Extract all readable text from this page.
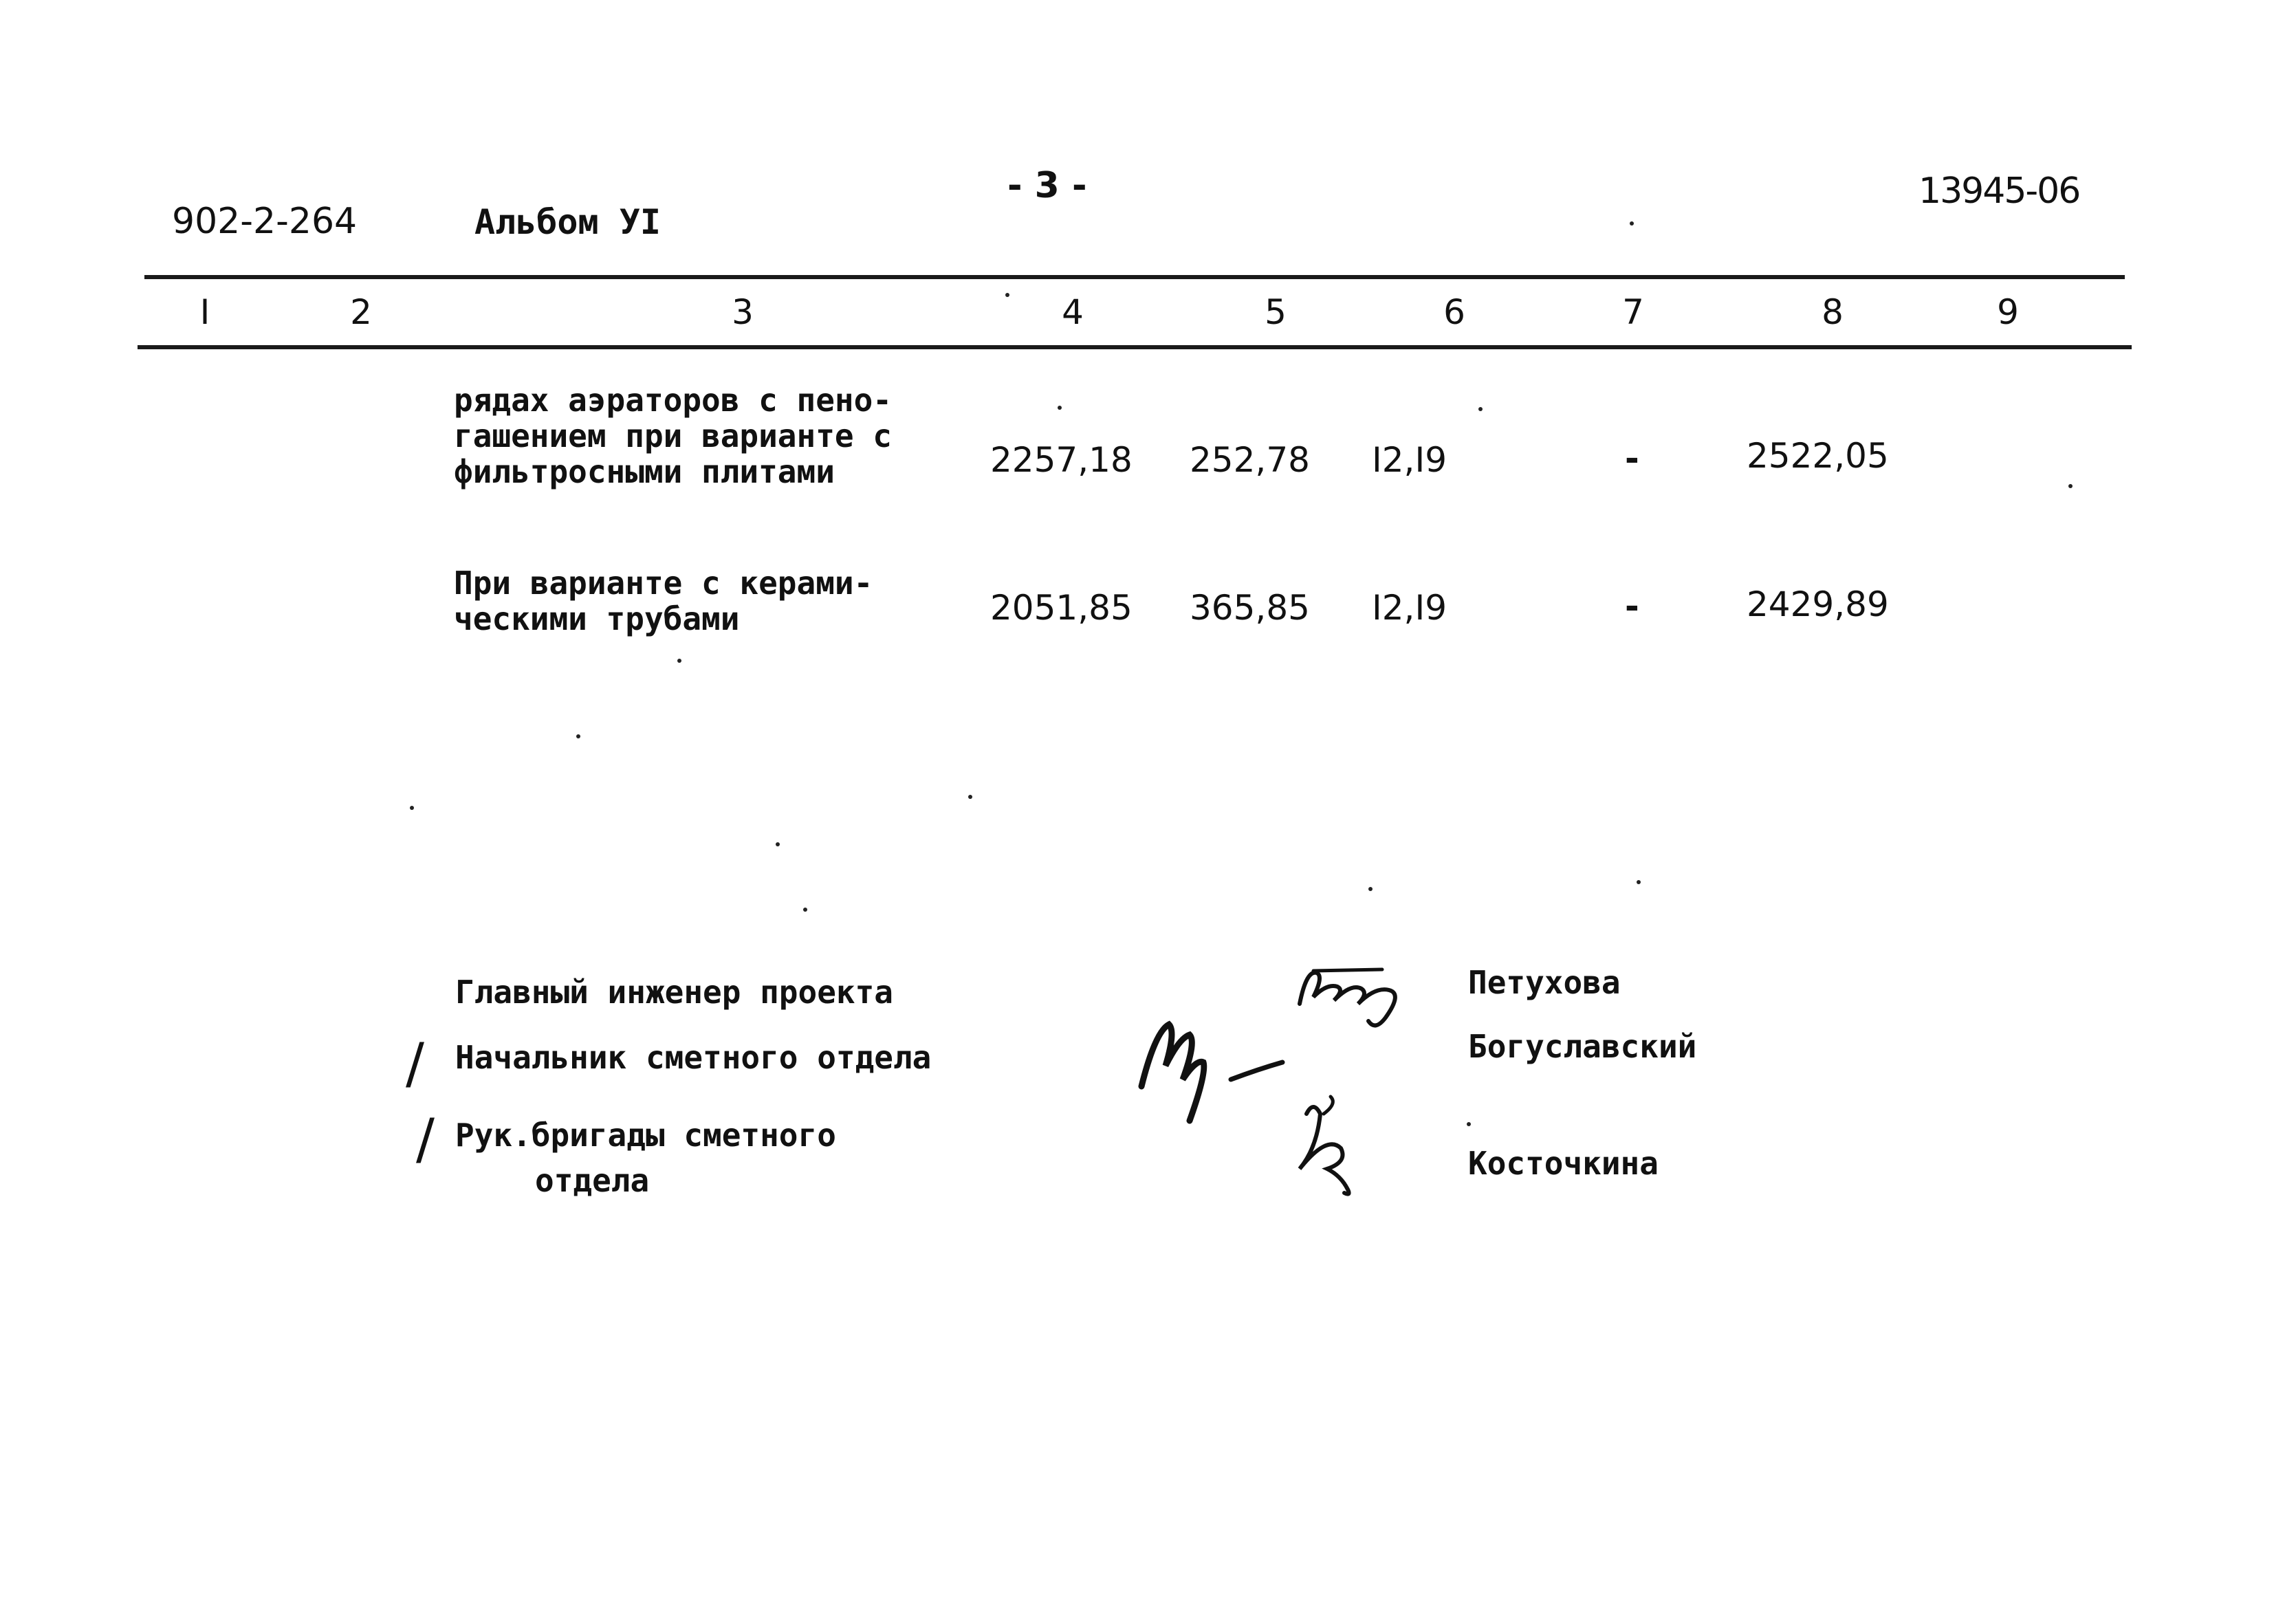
902-2-264	Альбом УI
- 3 -	13945-06
I	2	3	4	5	6	7	8	9
рядах аэраторов с пено-
гашением при варианте с
фильтросными плитами	2257,18 252,78 I2,I9	-	2522,05
При варианте с керами-
ческими трубами	2051,85 365,85 I2,I9	-	2429,89
Главный инженер проекта
Начальник сметного отдела
Рук.бригады сметного
отдела
/
/
Петухова
Богуславский
Косточкина
